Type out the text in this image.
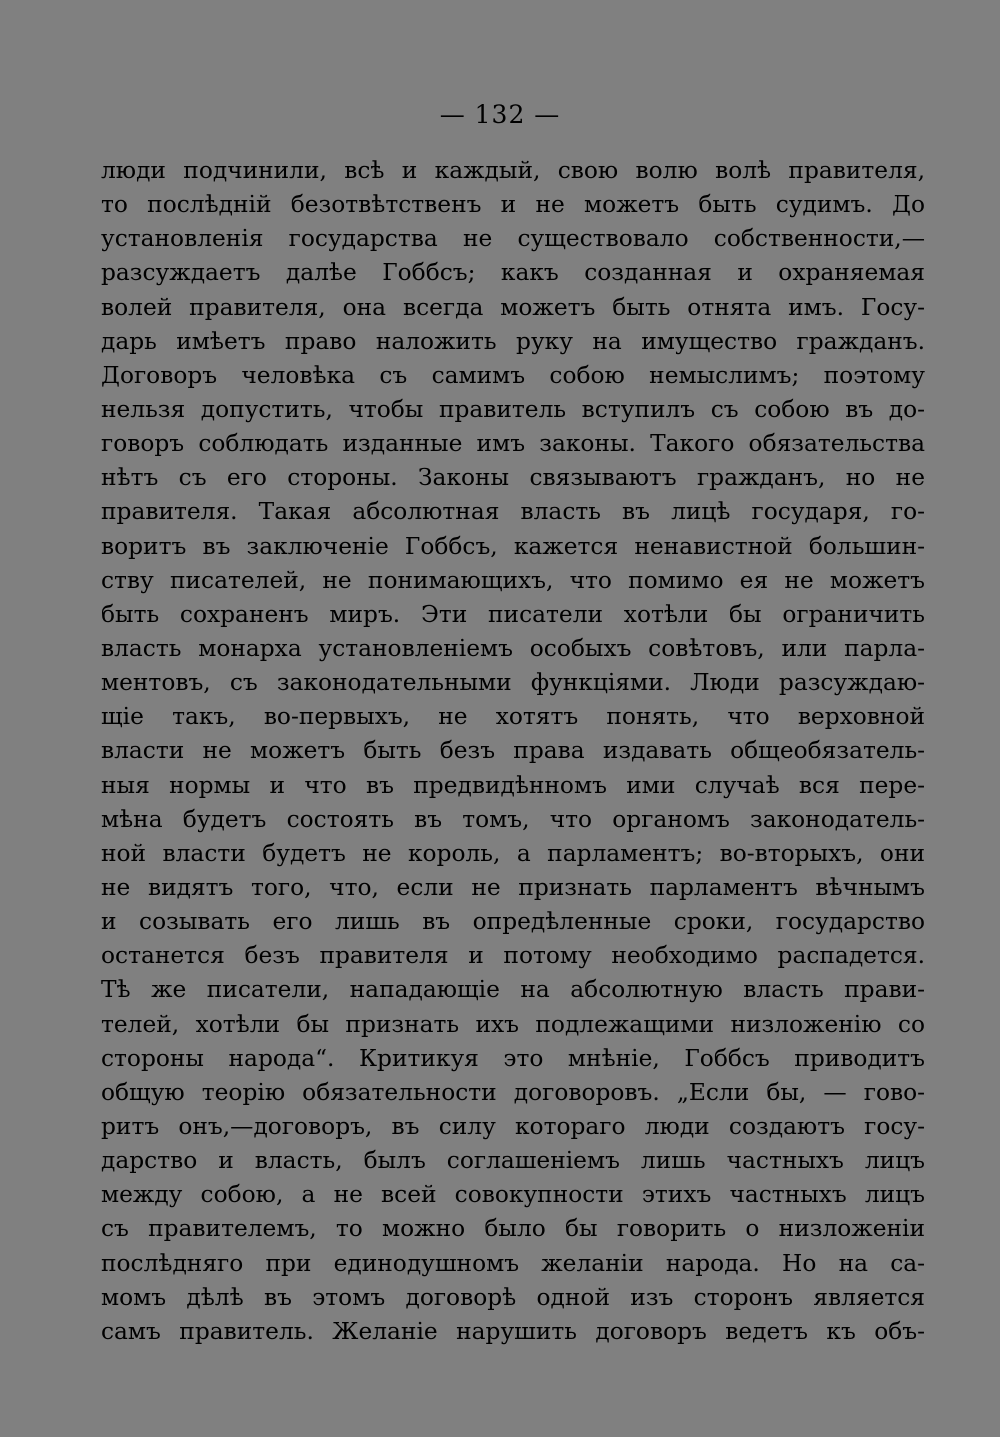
— 132 —
люди подчинили, всѣ и каждый, свою волю волѣ правителя,
то послѣднiй безотвѣтственъ и не можетъ быть судимъ. До
установленiя государства не существовало собственности,—
разсуждаетъ далѣе Гоббсъ; какъ созданная и охраняемая
волей правителя, она всегда можетъ быть отнята имъ. Госу-
дарь имѣетъ право наложить руку на имущество гражданъ.
Договоръ человѣка съ самимъ собою немыслимъ; поэтому
нельзя допустить, чтобы правитель вступилъ съ собою въ до-
говоръ соблюдать изданные имъ законы. Такого обязательства
нѣтъ съ его стороны. Законы связываютъ гражданъ, но не
правителя. Такая абсолютная власть въ лицѣ государя, го-
воритъ въ заключенiе Гоббсъ, кажется ненавистной большин-
ству писателей, не понимающихъ, что помимо ея не можетъ
быть сохраненъ миръ. Эти писатели хотѣли бы ограничить
власть монарха установленiемъ особыхъ совѣтовъ, или парла-
ментовъ, съ законодательными функцiями. Люди разсуждаю-
щiе такъ, во-первыхъ, не хотятъ понять, что верховной
власти не можетъ быть безъ права издавать общеобязатель-
ныя нормы и что въ предвидѣнномъ ими случаѣ вся пере-
мѣна будетъ состоять въ томъ, что органомъ законодатель-
ной власти будетъ не король, а парламентъ; во-вторыхъ, они
не видятъ того, что, если не признать парламентъ вѣчнымъ
и созывать его лишь въ опредѣленные сроки, государство
останется безъ правителя и потому необходимо распадется.
Тѣ же писатели, нападающiе на абсолютную власть прави-
телей, хотѣли бы признать ихъ подлежащими низложенiю со
стороны народа“. Критикуя это мнѣнiе, Гоббсъ приводитъ
общую теорiю обязательности договоровъ. „Если бы, — гово-
ритъ онъ,—договоръ, въ силу котораго люди создаютъ госу-
дарство и власть, былъ соглашенiемъ лишь частныхъ лицъ
между собою, а не всей совокупности этихъ частныхъ лицъ
съ правителемъ, то можно было бы говорить о низложенiи
послѣдняго при единодушномъ желанiи народа. Но на са-
момъ дѣлѣ въ этомъ договорѣ одной изъ сторонъ является
самъ правитель. Желанiе нарушить договоръ ведетъ къ объ-
